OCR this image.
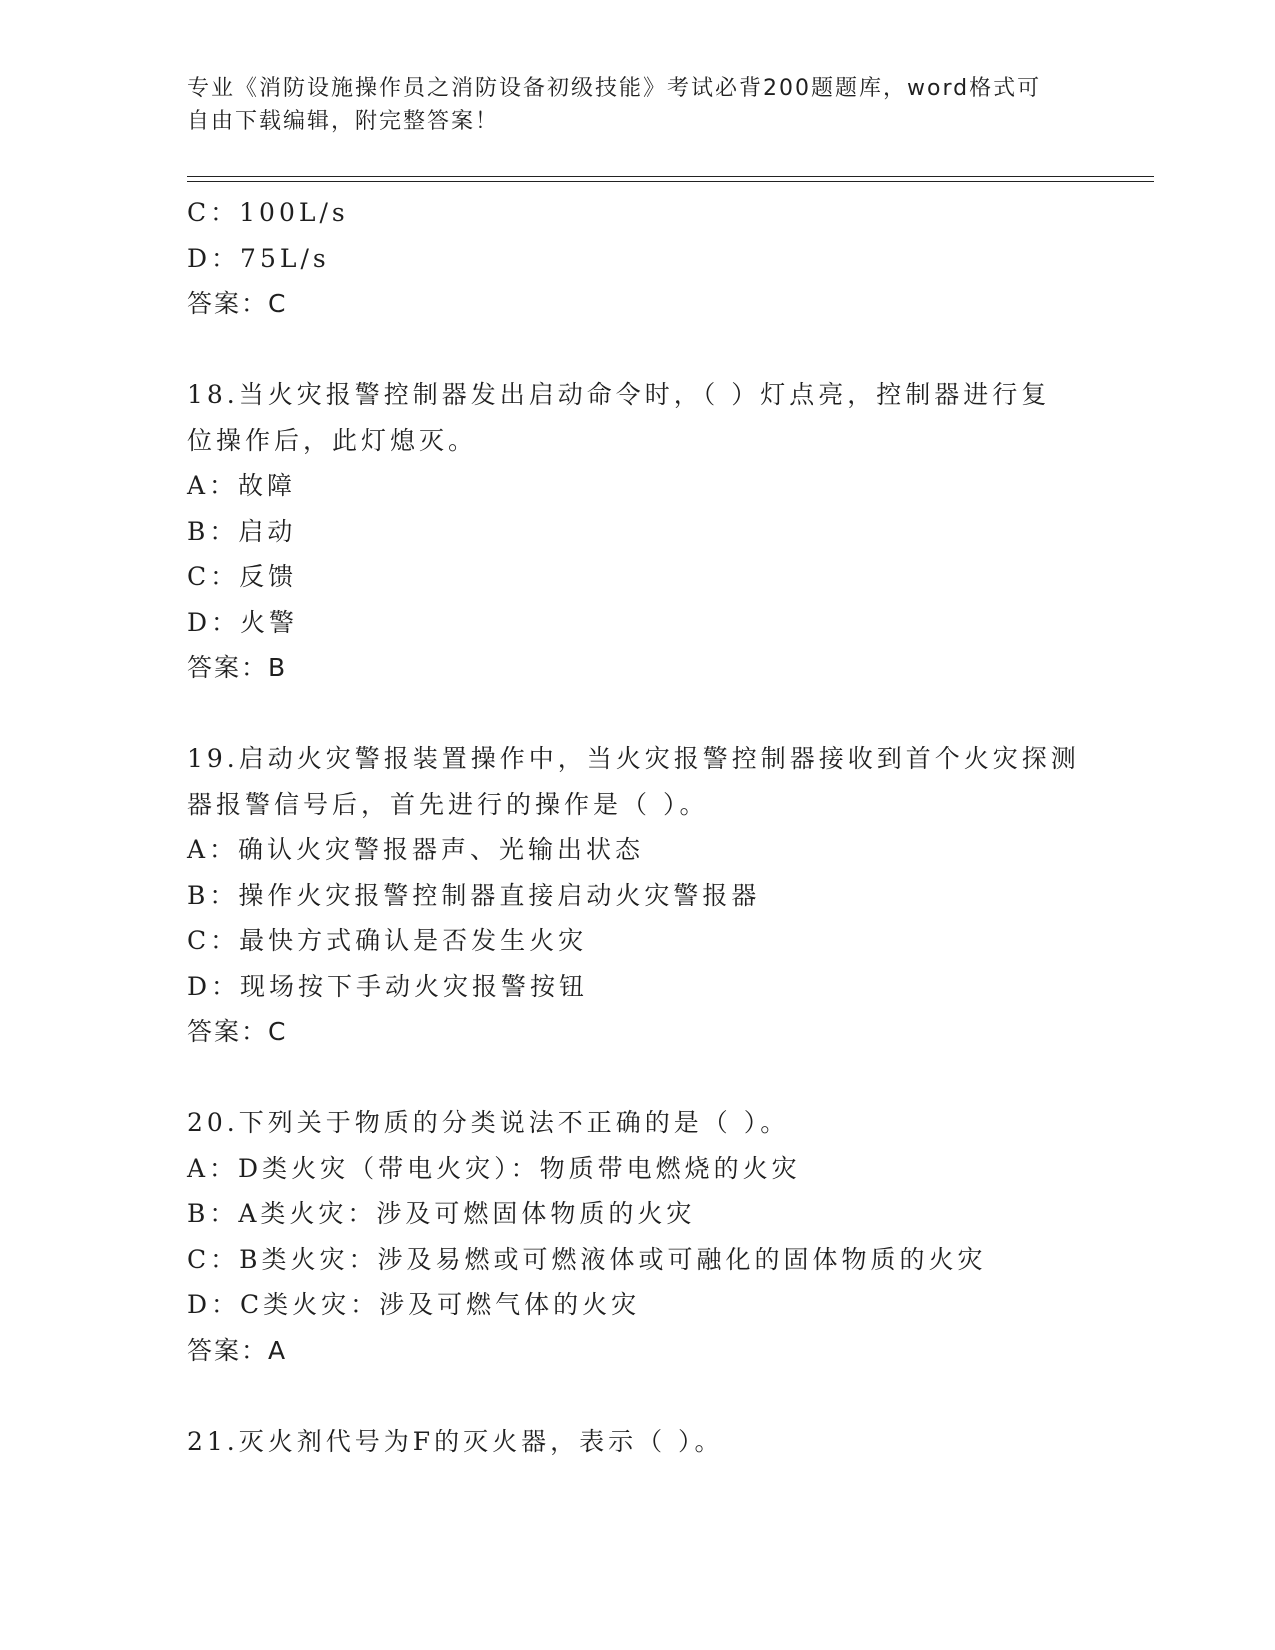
专业《消防设施操作员之消防设备初级技能》考试必背200题题库，word格式可
自由下载编辑，附完整答案！
C：100L/s
D：75L/s
答案：C
18.当火灾报警控制器发出启动命令时，（ ）灯点亮，控制器进行复
位操作后，此灯熄灭。
A：故障
B：启动
C：反馈
D：火警
答案：B
19.启动火灾警报装置操作中，当火灾报警控制器接收到首个火灾探测
器报警信号后，首先进行的操作是（ ）。
A：确认火灾警报器声、光输出状态
B：操作火灾报警控制器直接启动火灾警报器
C：最快方式确认是否发生火灾
D：现场按下手动火灾报警按钮
答案：C
20.下列关于物质的分类说法不正确的是（ ）。
A：D类火灾（带电火灾）：物质带电燃烧的火灾
B：A类火灾：涉及可燃固体物质的火灾
C：B类火灾：涉及易燃或可燃液体或可融化的固体物质的火灾
D：C类火灾：涉及可燃气体的火灾
答案：A
21.灭火剂代号为F的灭火器，表示（ ）。
